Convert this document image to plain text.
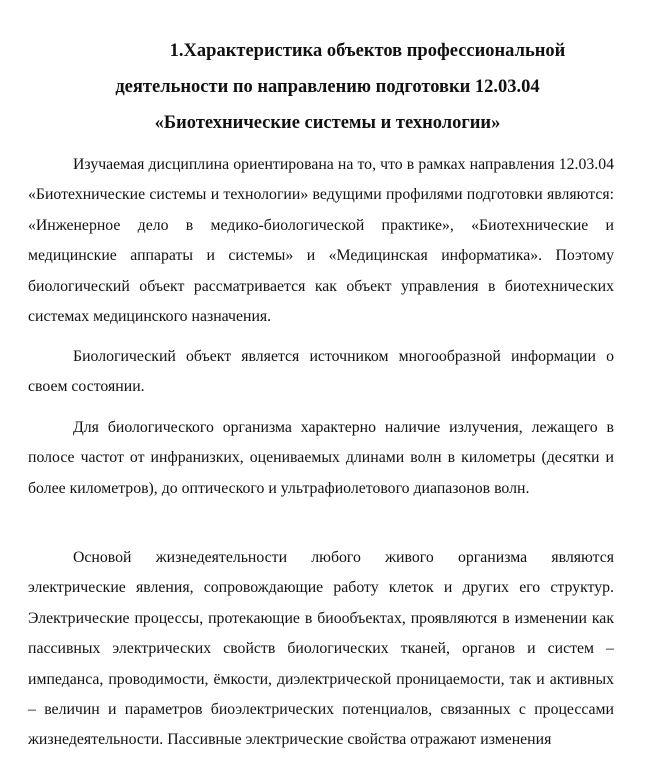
1.Характеристика объектов профессиональной
деятельности по направлению подготовки 12.03.04
«Биотехнические системы и технологии»

Изучаемая дисциплина ориентирована на то, что в рамках направления 12.03.04 «Биотехнические системы и технологии» ведущими профилями подготовки являются: «Инженерное дело в медико-биологической практике», «Биотехнические и медицинские аппараты и системы» и «Медицинская информатика». Поэтому биологический объект рассматривается как объект управления в биотехнических системах медицинского назначения.

Биологический объект является источником многообразной информации о своем состоянии.

Для биологического организма характерно наличие излучения, лежащего в полосе частот от инфранизких, оцениваемых длинами волн в километры (десятки и более километров), до оптического и ультрафиолетового диапазонов волн.

Основой жизнедеятельности любого живого организма являются электрические явления, сопровождающие работу клеток и других его структур. Электрические процессы, протекающие в биообъектах, проявляются в изменении как пассивных электрических свойств биологических тканей, органов и систем – импеданса, проводимости, ёмкости, диэлектрической проницаемости, так и активных – величин и параметров биоэлектрических потенциалов, связанных с процессами жизнедеятельности. Пассивные электрические свойства отражают изменения
